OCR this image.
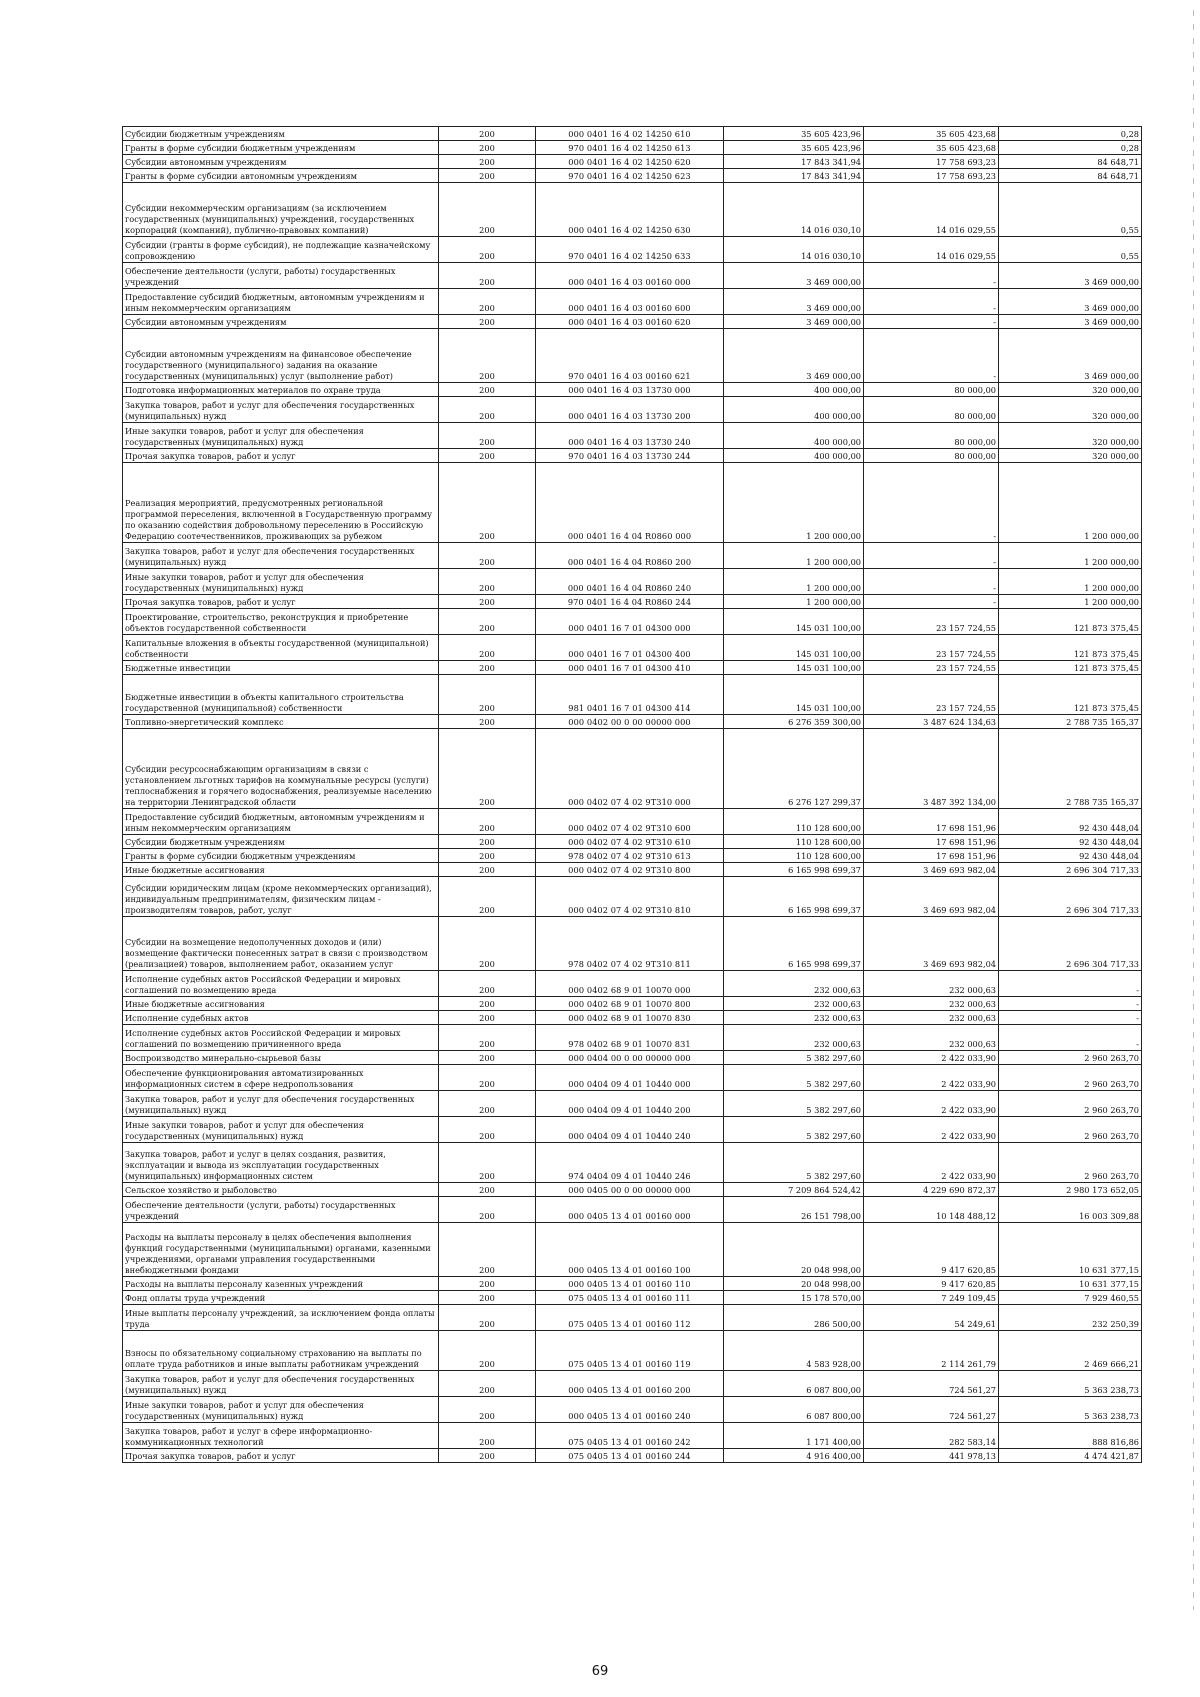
Субсидии бюджетным учреждениям	200	000 0401 16 4 02 14250 610	35 605 423,96	35 605 423,68	0,28
Гранты в форме субсидии бюджетным учреждениям	200	970 0401 16 4 02 14250 613	35 605 423,96	35 605 423,68	0,28
Субсидии автономным учреждениям	200	000 0401 16 4 02 14250 620	17 843 341,94	17 758 693,23	84 648,71
Гранты в форме субсидии автономным учреждениям	200	970 0401 16 4 02 14250 623	17 843 341,94	17 758 693,23	84 648,71
Субсидии некоммерческим организациям (за исключением государственных (муниципальных) учреждений, государственных корпораций (компаний), публично-правовых компаний)	200	000 0401 16 4 02 14250 630	14 016 030,10	14 016 029,55	0,55
Субсидии (гранты в форме субсидий), не подлежащие казначейскому сопровождению	200	970 0401 16 4 02 14250 633	14 016 030,10	14 016 029,55	0,55
Обеспечение деятельности (услуги, работы) государственных учреждений	200	000 0401 16 4 03 00160 000	3 469 000,00	-	3 469 000,00
Предоставление субсидий бюджетным, автономным учреждениям и иным некоммерческим организациям	200	000 0401 16 4 03 00160 600	3 469 000,00	-	3 469 000,00
Субсидии автономным учреждениям	200	000 0401 16 4 03 00160 620	3 469 000,00	-	3 469 000,00
Субсидии автономным учреждениям на финансовое обеспечение государственного (муниципального) задания на оказание государственных (муниципальных) услуг (выполнение работ)	200	970 0401 16 4 03 00160 621	3 469 000,00	-	3 469 000,00
Подготовка информационных материалов по охране труда	200	000 0401 16 4 03 13730 000	400 000,00	80 000,00	320 000,00
Закупка товаров, работ и услуг для обеспечения государственных (муниципальных) нужд	200	000 0401 16 4 03 13730 200	400 000,00	80 000,00	320 000,00
Иные закупки товаров, работ и услуг для обеспечения государственных (муниципальных) нужд	200	000 0401 16 4 03 13730 240	400 000,00	80 000,00	320 000,00
Прочая закупка товаров, работ и услуг	200	970 0401 16 4 03 13730 244	400 000,00	80 000,00	320 000,00
Реализация мероприятий, предусмотренных региональной программой переселения, включенной в Государственную программу по оказанию содействия добровольному переселению в Российскую Федерацию соотечественников, проживающих за рубежом	200	000 0401 16 4 04 R0860 000	1 200 000,00	-	1 200 000,00
Закупка товаров, работ и услуг для обеспечения государственных (муниципальных) нужд	200	000 0401 16 4 04 R0860 200	1 200 000,00	-	1 200 000,00
Иные закупки товаров, работ и услуг для обеспечения государственных (муниципальных) нужд	200	000 0401 16 4 04 R0860 240	1 200 000,00	-	1 200 000,00
Прочая закупка товаров, работ и услуг	200	970 0401 16 4 04 R0860 244	1 200 000,00	-	1 200 000,00
Проектирование, строительство, реконструкция и приобретение объектов государственной собственности	200	000 0401 16 7 01 04300 000	145 031 100,00	23 157 724,55	121 873 375,45
Капитальные вложения в объекты государственной (муниципальной) собственности	200	000 0401 16 7 01 04300 400	145 031 100,00	23 157 724,55	121 873 375,45
Бюджетные инвестиции	200	000 0401 16 7 01 04300 410	145 031 100,00	23 157 724,55	121 873 375,45
Бюджетные инвестиции в объекты капитального строительства государственной (муниципальной) собственности	200	981 0401 16 7 01 04300 414	145 031 100,00	23 157 724,55	121 873 375,45
Топливно-энергетический комплекс	200	000 0402 00 0 00 00000 000	6 276 359 300,00	3 487 624 134,63	2 788 735 165,37
Субсидии ресурсоснабжающим организациям в связи с установлением льготных тарифов на коммунальные ресурсы (услуги) теплоснабжения и горячего водоснабжения, реализуемые населению на территории Ленинградской области	200	000 0402 07 4 02 9Т310 000	6 276 127 299,37	3 487 392 134,00	2 788 735 165,37
Предоставление субсидий бюджетным, автономным учреждениям и иным некоммерческим организациям	200	000 0402 07 4 02 9Т310 600	110 128 600,00	17 698 151,96	92 430 448,04
Субсидии бюджетным учреждениям	200	000 0402 07 4 02 9Т310 610	110 128 600,00	17 698 151,96	92 430 448,04
Гранты в форме субсидии бюджетным учреждениям	200	978 0402 07 4 02 9Т310 613	110 128 600,00	17 698 151,96	92 430 448,04
Иные бюджетные ассигнования	200	000 0402 07 4 02 9Т310 800	6 165 998 699,37	3 469 693 982,04	2 696 304 717,33
Субсидии юридическим лицам (кроме некоммерческих организаций), индивидуальным предпринимателям, физическим лицам - производителям товаров, работ, услуг	200	000 0402 07 4 02 9Т310 810	6 165 998 699,37	3 469 693 982,04	2 696 304 717,33
Субсидии на возмещение недополученных доходов и (или) возмещение фактически понесенных затрат в связи с производством (реализацией) товаров, выполнением работ, оказанием услуг	200	978 0402 07 4 02 9Т310 811	6 165 998 699,37	3 469 693 982,04	2 696 304 717,33
Исполнение судебных актов Российской Федерации и мировых соглашений по возмещению вреда	200	000 0402 68 9 01 10070 000	232 000,63	232 000,63	-
Иные бюджетные ассигнования	200	000 0402 68 9 01 10070 800	232 000,63	232 000,63	-
Исполнение судебных актов	200	000 0402 68 9 01 10070 830	232 000,63	232 000,63	-
Исполнение судебных актов Российской Федерации и мировых соглашений по возмещению причиненного вреда	200	978 0402 68 9 01 10070 831	232 000,63	232 000,63	-
Воспроизводство минерально-сырьевой базы	200	000 0404 00 0 00 00000 000	5 382 297,60	2 422 033,90	2 960 263,70
Обеспечение функционирования автоматизированных информационных систем в сфере недропользования	200	000 0404 09 4 01 10440 000	5 382 297,60	2 422 033,90	2 960 263,70
Закупка товаров, работ и услуг для обеспечения государственных (муниципальных) нужд	200	000 0404 09 4 01 10440 200	5 382 297,60	2 422 033,90	2 960 263,70
Иные закупки товаров, работ и услуг для обеспечения государственных (муниципальных) нужд	200	000 0404 09 4 01 10440 240	5 382 297,60	2 422 033,90	2 960 263,70
Закупка товаров, работ и услуг в целях создания, развития, эксплуатации и вывода из эксплуатации государственных (муниципальных) информационных систем	200	974 0404 09 4 01 10440 246	5 382 297,60	2 422 033,90	2 960 263,70
Сельское хозяйство и рыболовство	200	000 0405 00 0 00 00000 000	7 209 864 524,42	4 229 690 872,37	2 980 173 652,05
Обеспечение деятельности (услуги, работы) государственных учреждений	200	000 0405 13 4 01 00160 000	26 151 798,00	10 148 488,12	16 003 309,88
Расходы на выплаты персоналу в целях обеспечения выполнения функций государственными (муниципальными) органами, казенными учреждениями, органами управления государственными внебюджетными фондами	200	000 0405 13 4 01 00160 100	20 048 998,00	9 417 620,85	10 631 377,15
Расходы на выплаты персоналу казенных учреждений	200	000 0405 13 4 01 00160 110	20 048 998,00	9 417 620,85	10 631 377,15
Фонд оплаты труда учреждений	200	075 0405 13 4 01 00160 111	15 178 570,00	7 249 109,45	7 929 460,55
Иные выплаты персоналу учреждений, за исключением фонда оплаты труда	200	075 0405 13 4 01 00160 112	286 500,00	54 249,61	232 250,39
Взносы по обязательному социальному страхованию на выплаты по оплате труда работников и иные выплаты работникам учреждений	200	075 0405 13 4 01 00160 119	4 583 928,00	2 114 261,79	2 469 666,21
Закупка товаров, работ и услуг для обеспечения государственных (муниципальных) нужд	200	000 0405 13 4 01 00160 200	6 087 800,00	724 561,27	5 363 238,73
Иные закупки товаров, работ и услуг для обеспечения государственных (муниципальных) нужд	200	000 0405 13 4 01 00160 240	6 087 800,00	724 561,27	5 363 238,73
Закупка товаров, работ и услуг в сфере информационно-коммуникационных технологий	200	075 0405 13 4 01 00160 242	1 171 400,00	282 583,14	888 816,86
Прочая закупка товаров, работ и услуг	200	075 0405 13 4 01 00160 244	4 916 400,00	441 978,13	4 474 421,87
69
